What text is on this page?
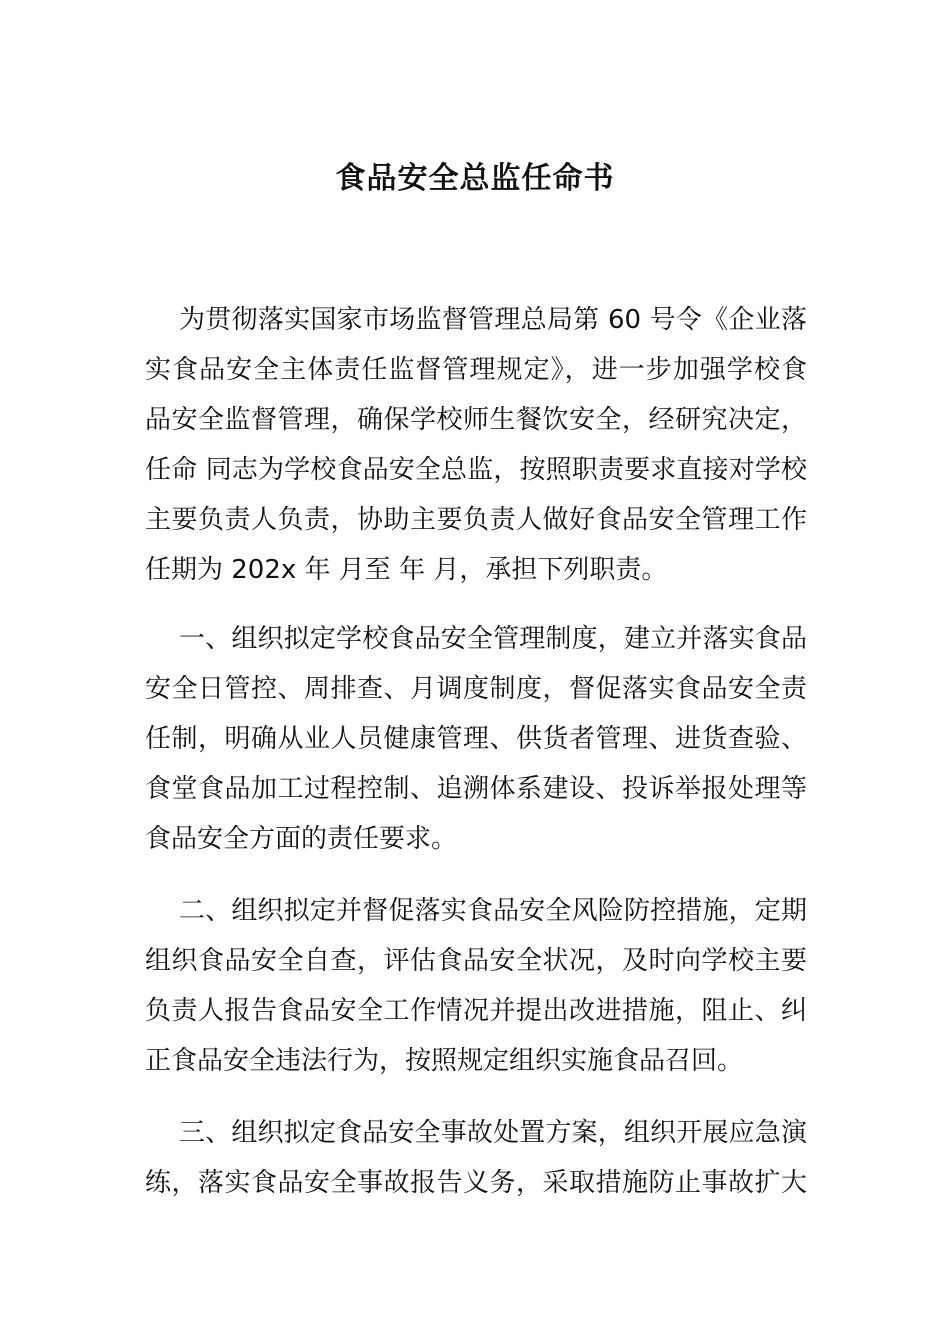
食品安全总监任命书
为贯彻落实国家市场监督管理总局第 60 号令《企业落
实食品安全主体责任监督管理规定》，进一步加强学校食
品安全监督管理，确保学校师生餐饮安全，经研究决定，
任命 同志为学校食品安全总监，按照职责要求直接对学校
主要负责人负责，协助主要负责人做好食品安全管理工作
任期为 202x 年 月至 年 月，承担下列职责。
一、组织拟定学校食品安全管理制度，建立并落实食品
安全日管控、周排查、月调度制度，督促落实食品安全责
任制，明确从业人员健康管理、供货者管理、进货查验、
食堂食品加工过程控制、追溯体系建设、投诉举报处理等
食品安全方面的责任要求。
二、组织拟定并督促落实食品安全风险防控措施，定期
组织食品安全自查，评估食品安全状况，及时向学校主要
负责人报告食品安全工作情况并提出改进措施，阻止、纠
正食品安全违法行为，按照规定组织实施食品召回。
三、组织拟定食品安全事故处置方案，组织开展应急演
练，落实食品安全事故报告义务，采取措施防止事故扩大
